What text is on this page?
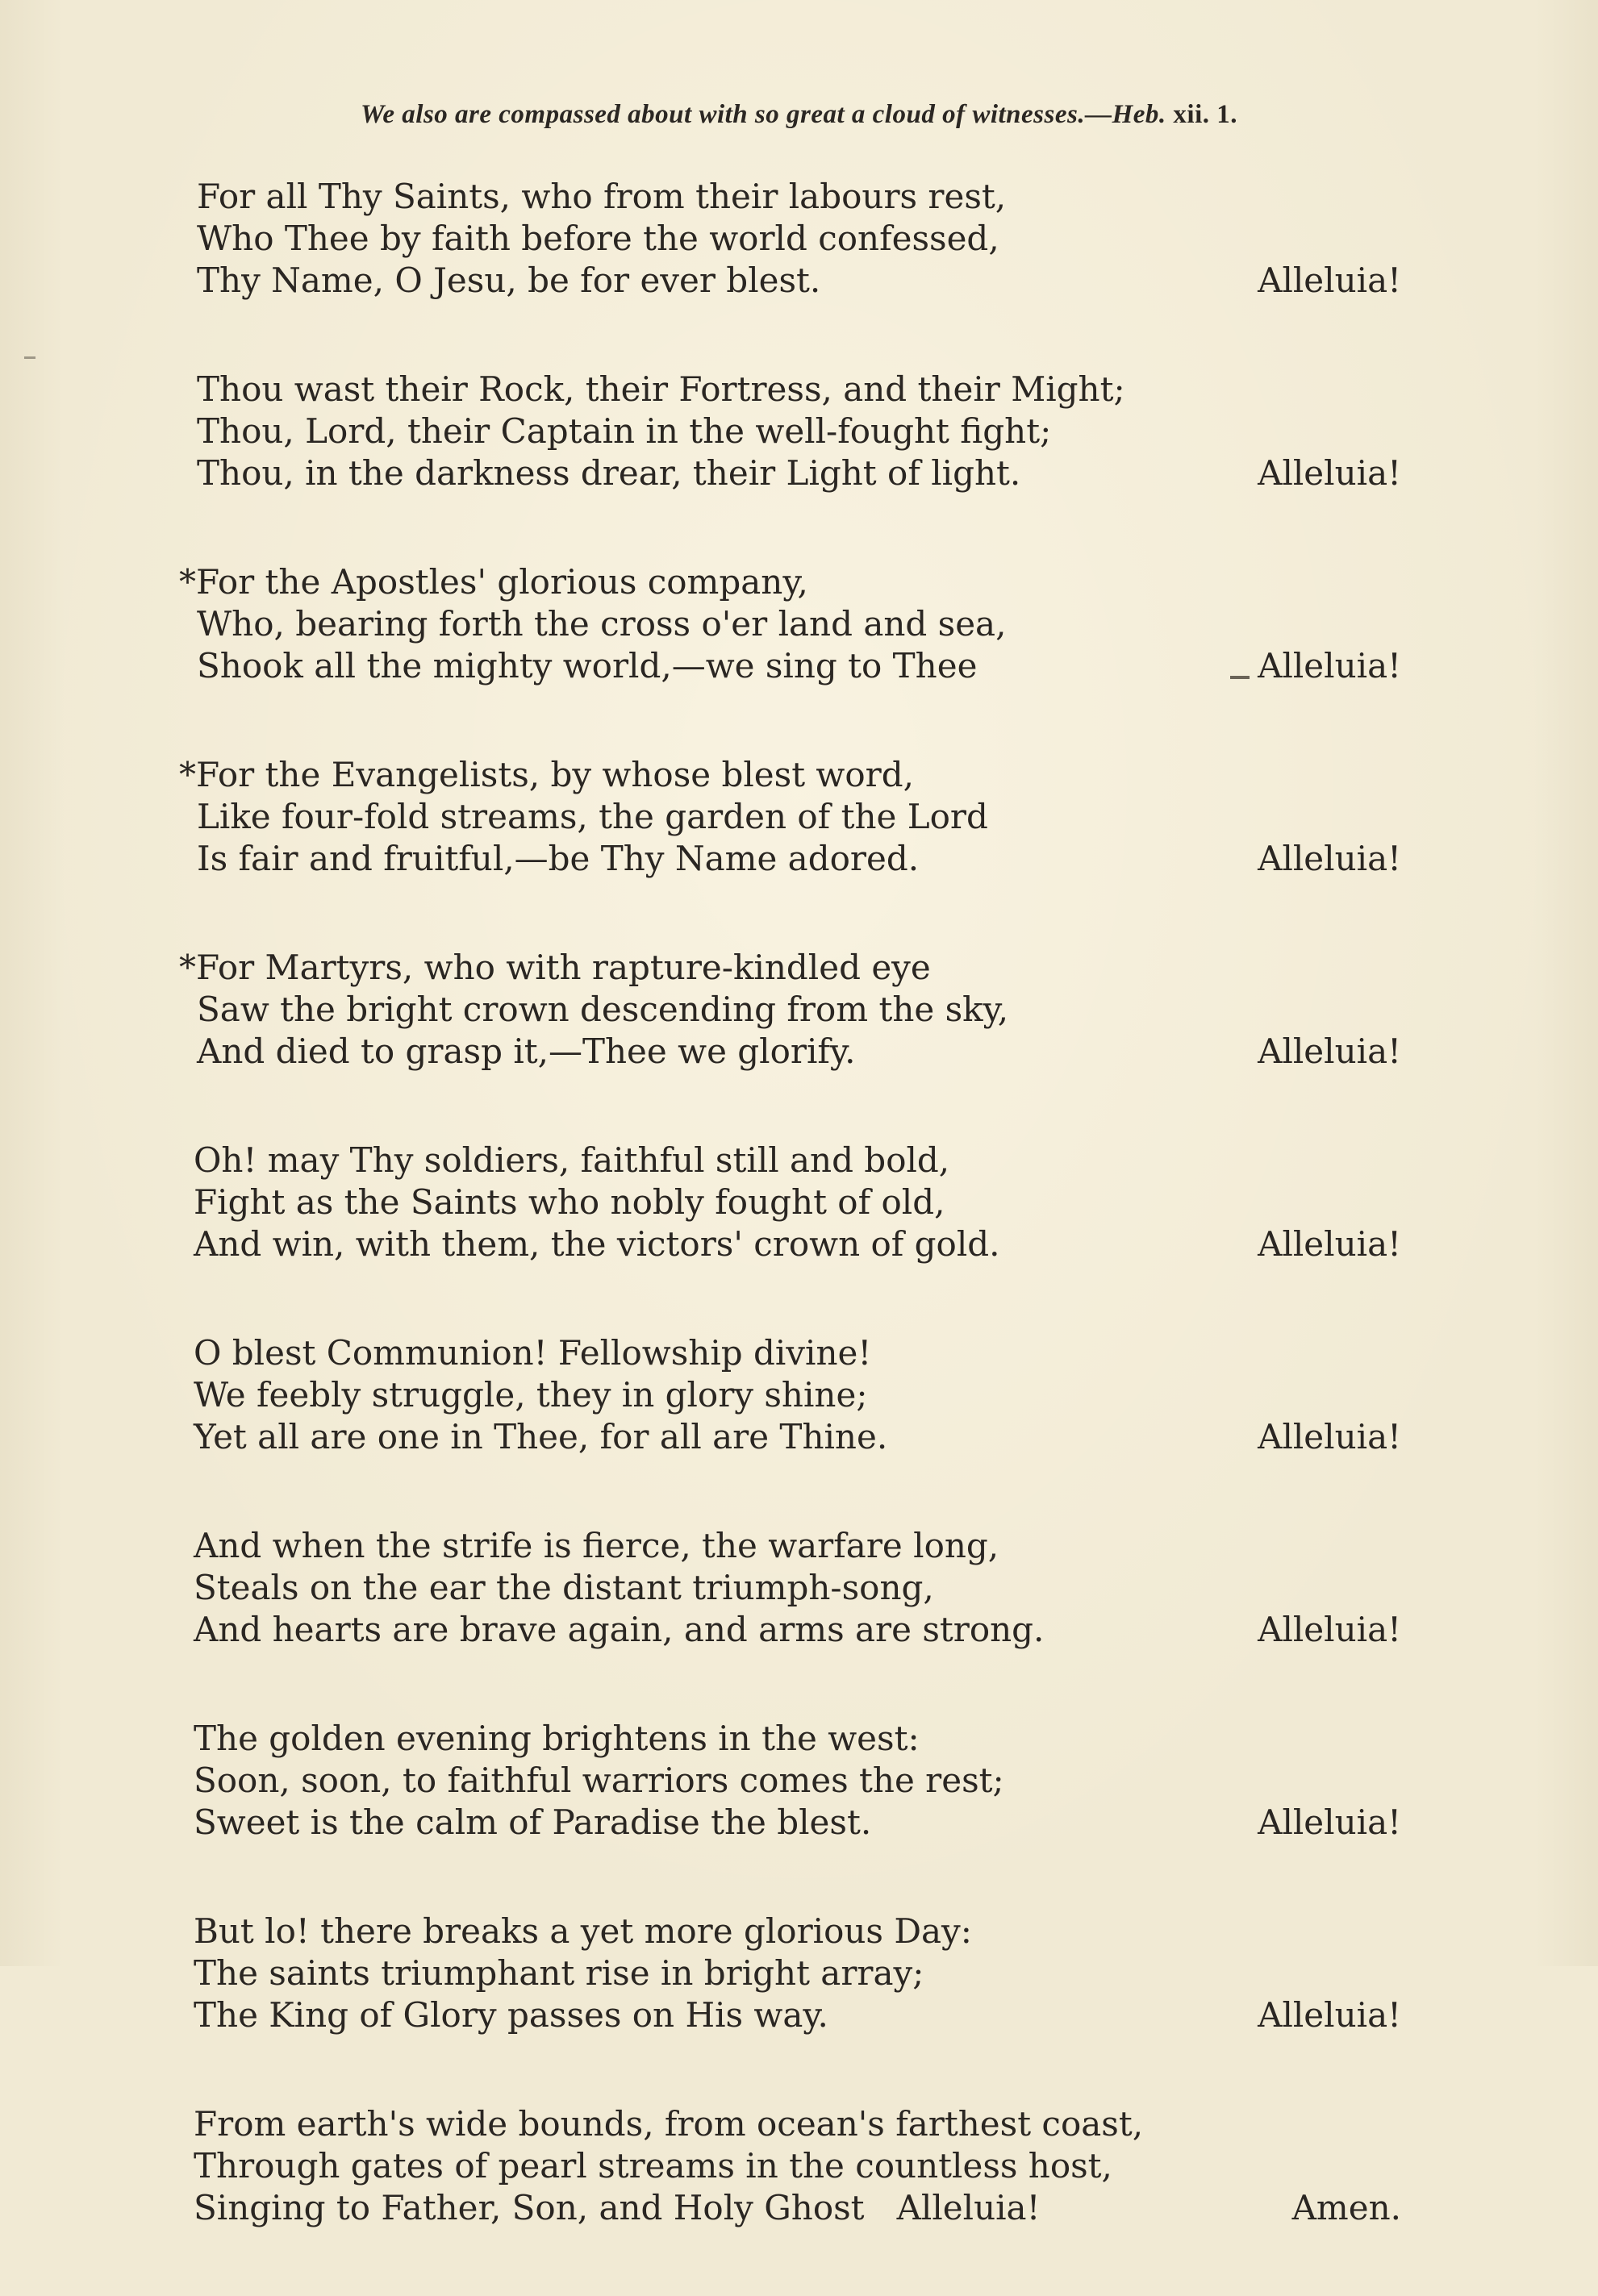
We also are compassed about with so great a cloud of witnesses.—Heb. xii. 1.
For all Thy Saints, who from their labours rest,
Who Thee by faith before the world confessed,
Thy Name, O Jesu, be for ever blest.	Alleluia!
Thou wast their Rock, their Fortress, and their Might;
Thou, Lord, their Captain in the well-fought fight;
Thou, in the darkness drear, their Light of light.	Alleluia!
*For the Apostles' glorious company,
Who, bearing forth the cross o'er land and sea,
Shook all the mighty world,—we sing to Thee	Alleluia!
*For the Evangelists, by whose blest word,
Like four-fold streams, the garden of the Lord
Is fair and fruitful,—be Thy Name adored.	Alleluia!
*For Martyrs, who with rapture-kindled eye
Saw the bright crown descending from the sky,
And died to grasp it,—Thee we glorify.	Alleluia!
Oh! may Thy soldiers, faithful still and bold,
Fight as the Saints who nobly fought of old,
And win, with them, the victors' crown of gold.	Alleluia!
O blest Communion! Fellowship divine!
We feebly struggle, they in glory shine;
Yet all are one in Thee, for all are Thine.	Alleluia!
And when the strife is fierce, the warfare long,
Steals on the ear the distant triumph-song,
And hearts are brave again, and arms are strong.	Alleluia!
The golden evening brightens in the west:
Soon, soon, to faithful warriors comes the rest;
Sweet is the calm of Paradise the blest.	Alleluia!
But lo! there breaks a yet more glorious Day:
The saints triumphant rise in bright array;
The King of Glory passes on His way.	Alleluia!
From earth's wide bounds, from ocean's farthest coast,
Through gates of pearl streams in the countless host,
Singing to Father, Son, and Holy Ghost   Alleluia!	Amen.
